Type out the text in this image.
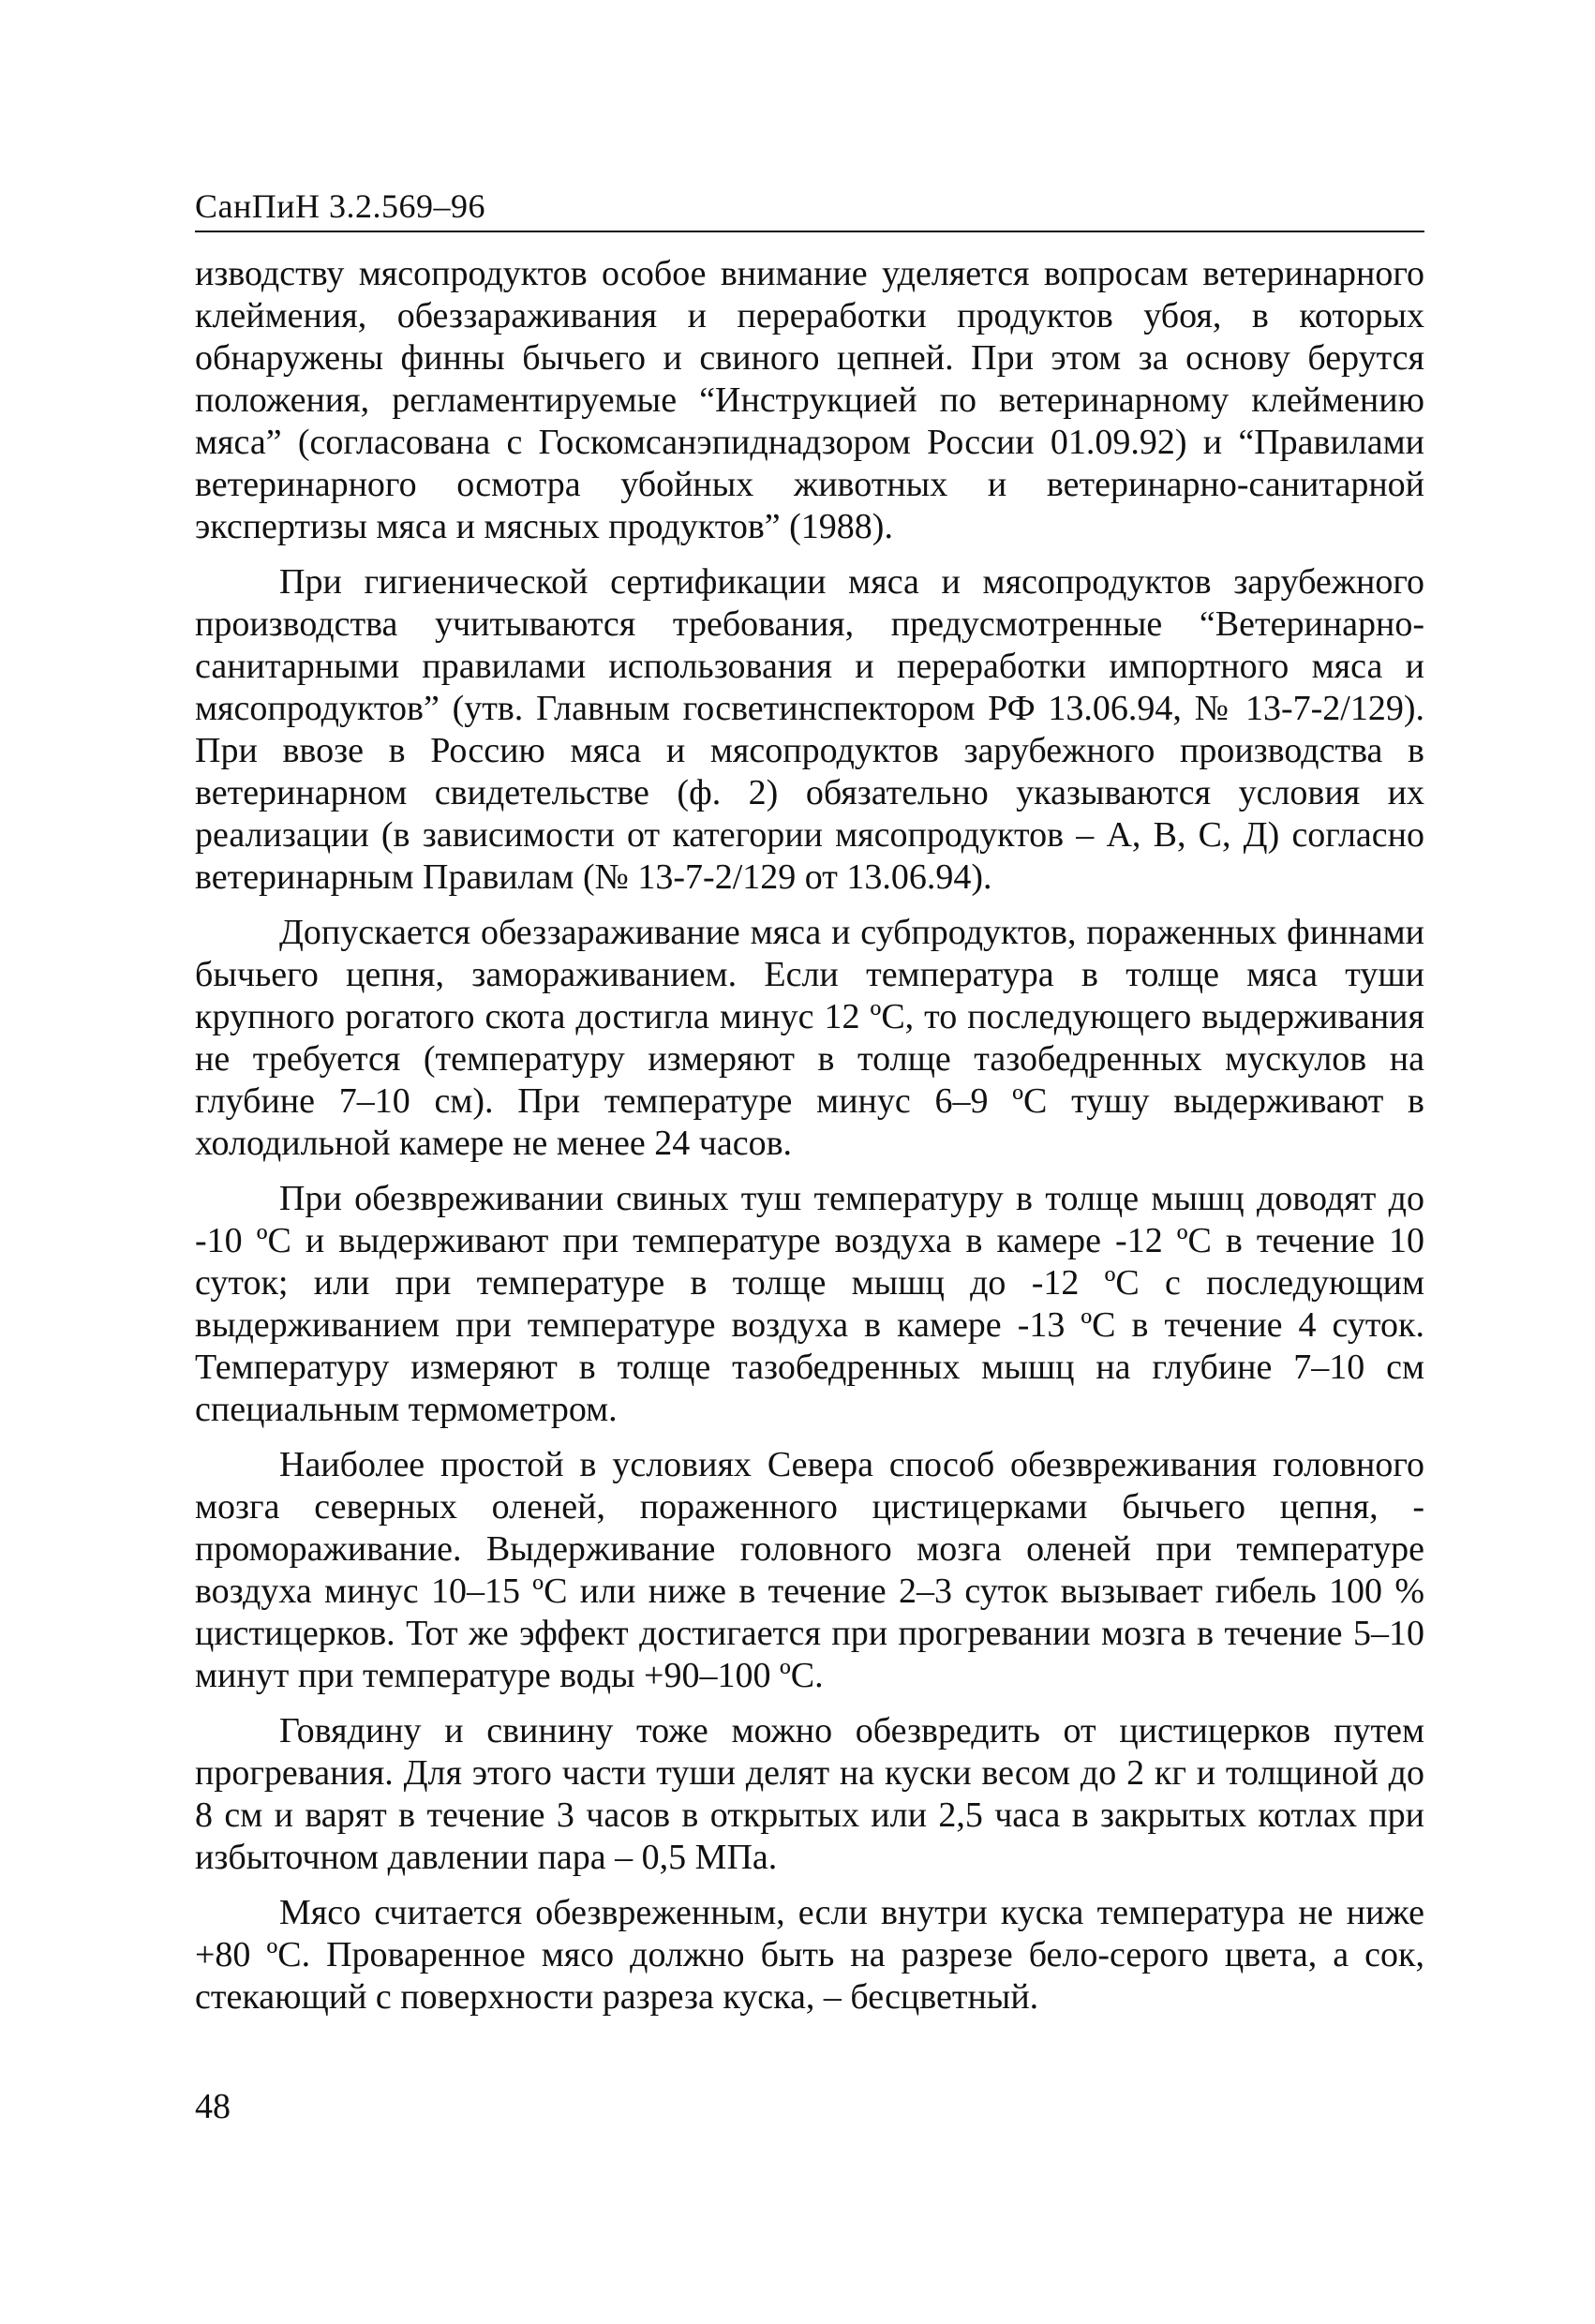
СанПиН 3.2.569–96

изводству мясопродуктов особое внимание уделяется вопросам ветеринарного клеймения, обеззараживания и переработки продуктов убоя, в которых обнаружены финны бычьего и свиного цепней. При этом за основу берутся положения, регламентируемые “Инструкцией по ветеринарному клеймению мяса” (согласована с Госкомсанэпиднадзором России 01.09.92) и “Правилами ветеринарного осмотра убойных животных и ветеринарно-санитарной экспертизы мяса и мясных продуктов” (1988).

При гигиенической сертификации мяса и мясопродуктов зарубежного производства учитываются требования, предусмотренные “Ветеринарно-санитарными правилами использования и переработки импортного мяса и мясопродуктов” (утв. Главным госветинспектором РФ 13.06.94, № 13-7-2/129). При ввозе в Россию мяса и мясопродуктов зарубежного производства в ветеринарном свидетельстве (ф. 2) обязательно указываются условия их реализации (в зависимости от категории мясопродуктов – А, В, С, Д) согласно ветеринарным Правилам (№ 13-7-2/129 от 13.06.94).

Допускается обеззараживание мяса и субпродуктов, пораженных финнами бычьего цепня, замораживанием. Если температура в толще мяса туши крупного рогатого скота достигла минус 12 ºС, то последующего выдерживания не требуется (температуру измеряют в толще тазобедренных мускулов на глубине 7–10 см). При температуре минус 6–9 ºС тушу выдерживают в холодильной камере не менее 24 часов.

При обезвреживании свиных туш температуру в толще мышц доводят до -10 ºС и выдерживают при температуре воздуха в камере -12 ºС в течение 10 суток; или при температуре в толще мышц до -12 ºС с последующим выдерживанием при температуре воздуха в камере -13 ºС в течение 4 суток. Температуру измеряют в толще тазобедренных мышц на глубине 7–10 см специальным термометром.

Наиболее простой в условиях Севера способ обезвреживания головного мозга северных оленей, пораженного цистицерками бычьего цепня, - промораживание. Выдерживание головного мозга оленей при температуре воздуха минус 10–15 ºС или ниже в течение 2–3 суток вызывает гибель 100 % цистицерков. Тот же эффект достигается при прогревании мозга в течение 5–10 минут при температуре воды +90–100 ºС.

Говядину и свинину тоже можно обезвредить от цистицерков путем прогревания. Для этого части туши делят на куски весом до 2 кг и толщиной до 8 см и варят в течение 3 часов в открытых или 2,5 часа в закрытых котлах при избыточном давлении пара – 0,5 МПа.

Мясо считается обезвреженным, если внутри куска температура не ниже +80 ºС. Проваренное мясо должно быть на разрезе бело-серого цвета, а сок, стекающий с поверхности разреза куска, – бесцветный.

48
